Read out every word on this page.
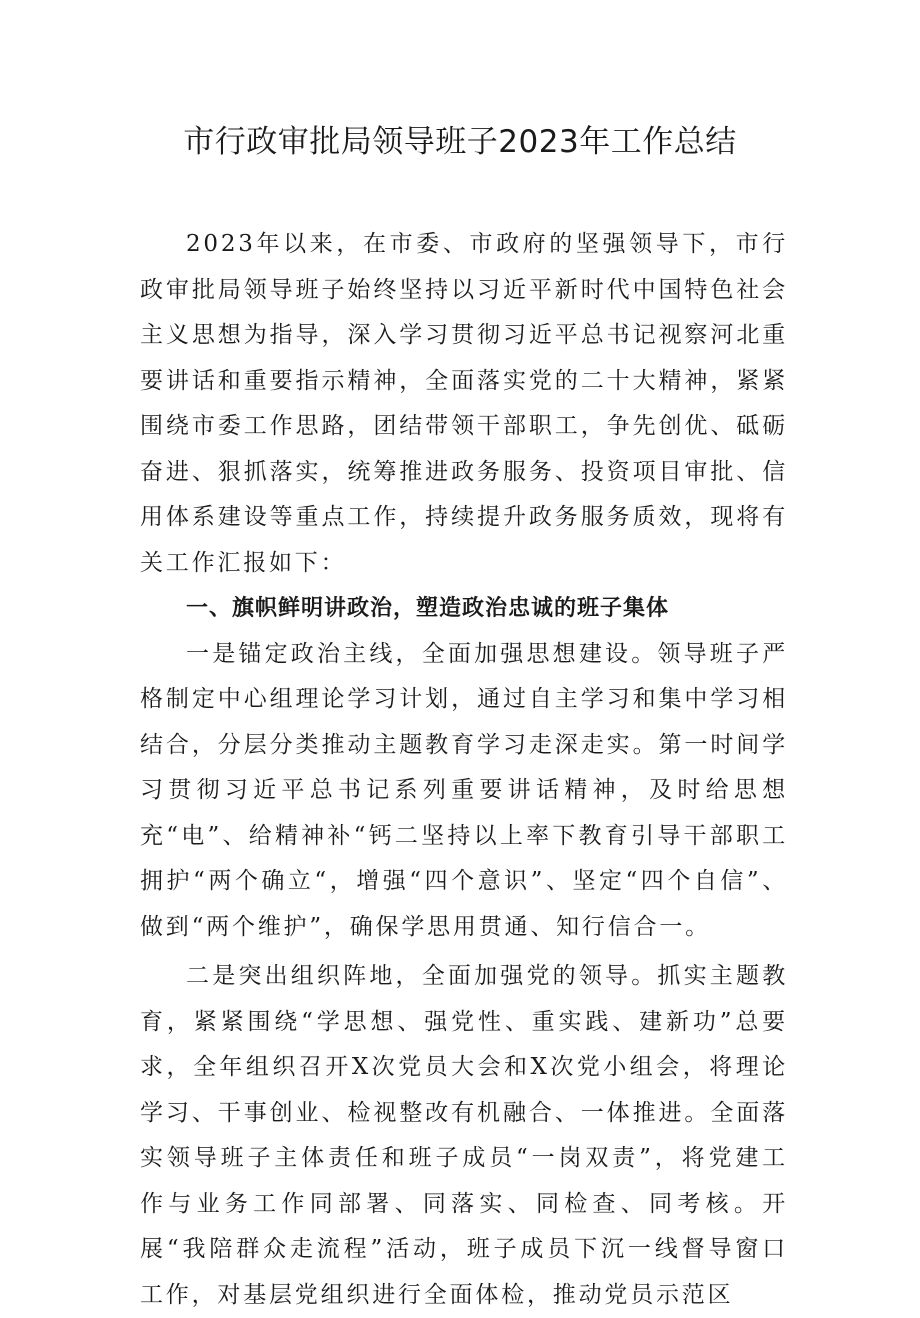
市行政审批局领导班子2023年工作总结

2023年以来，在市委、市政府的坚强领导下，市行政审批局领导班子始终坚持以习近平新时代中国特色社会主义思想为指导，深入学习贯彻习近平总书记视察河北重要讲话和重要指示精神，全面落实党的二十大精神，紧紧围绕市委工作思路，团结带领干部职工，争先创优、砥砺奋进、狠抓落实，统筹推进政务服务、投资项目审批、信用体系建设等重点工作，持续提升政务服务质效，现将有关工作汇报如下：

一、旗帜鲜明讲政治，塑造政治忠诚的班子集体

一是锚定政治主线，全面加强思想建设。领导班子严格制定中心组理论学习计划，通过自主学习和集中学习相结合，分层分类推动主题教育学习走深走实。第一时间学习贯彻习近平总书记系列重要讲话精神，及时给思想充“电”、给精神补“钙二坚持以上率下教育引导干部职工拥护“两个确立“，增强“四个意识”、坚定“四个自信”、做到“两个维护”，确保学思用贯通、知行信合一。

二是突出组织阵地，全面加强党的领导。抓实主题教育，紧紧围绕“学思想、强党性、重实践、建新功”总要求，全年组织召开X次党员大会和X次党小组会，将理论学习、干事创业、检视整改有机融合、一体推进。全面落实领导班子主体责任和班子成员“一岗双责”，将党建工作与业务工作同部署、同落实、同检查、同考核。开展“我陪群众走流程”活动，班子成员下沉一线督导窗口工作，对基层党组织进行全面体检，推动党员示范区
